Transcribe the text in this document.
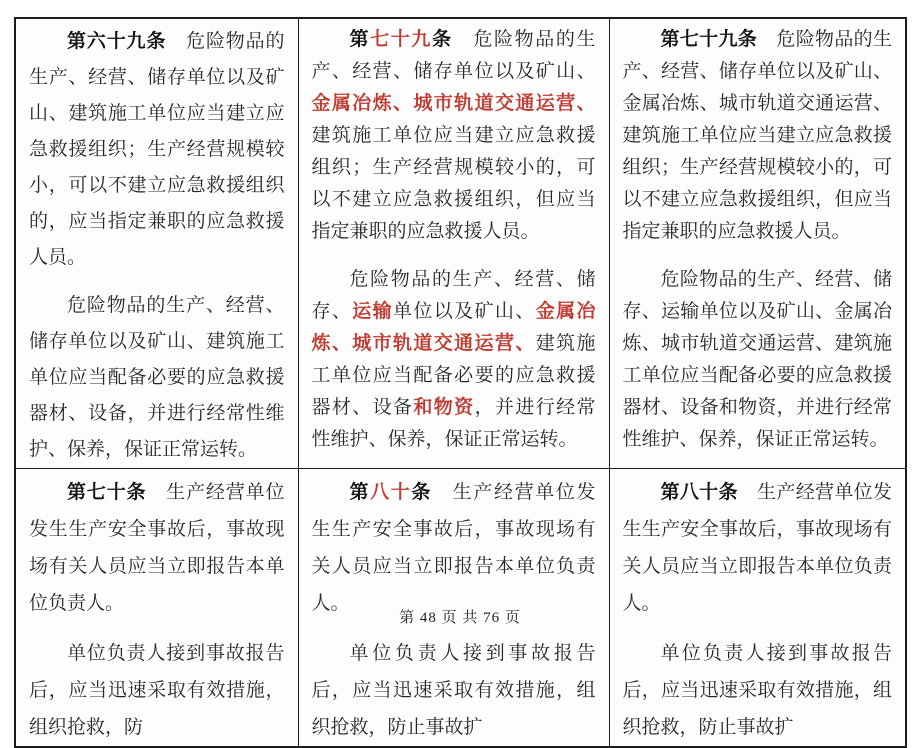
第六十九条　危险物品的生产、经营、储存单位以及矿山、建筑施工单位应当建立应急救援组织；生产经营规模较小，可以不建立应急救援组织的，应当指定兼职的应急救援人员。

危险物品的生产、经营、储存单位以及矿山、建筑施工单位应当配备必要的应急救援器材、设备，并进行经常性维护、保养，保证正常运转。

第七十九条　危险物品的生产、经营、储存单位以及矿山、金属冶炼、城市轨道交通运营、建筑施工单位应当建立应急救援组织；生产经营规模较小的，可以不建立应急救援组织，但应当指定兼职的应急救援人员。

危险物品的生产、经营、储存、运输单位以及矿山、金属冶炼、城市轨道交通运营、建筑施工单位应当配备必要的应急救援器材、设备和物资，并进行经常性维护、保养，保证正常运转。

第七十九条　危险物品的生产、经营、储存单位以及矿山、金属冶炼、城市轨道交通运营、建筑施工单位应当建立应急救援组织；生产经营规模较小的，可以不建立应急救援组织，但应当指定兼职的应急救援人员。

危险物品的生产、经营、储存、运输单位以及矿山、金属冶炼、城市轨道交通运营、建筑施工单位应当配备必要的应急救援器材、设备和物资，并进行经常性维护、保养，保证正常运转。

第七十条　生产经营单位发生生产安全事故后，事故现场有关人员应当立即报告本单位负责人。

单位负责人接到事故报告后，应当迅速采取有效措施，组织抢救，防

第八十条　生产经营单位发生生产安全事故后，事故现场有关人员应当立即报告本单位负责人。

单位负责人接到事故报告后，应当迅速采取有效措施，组织抢救，防止事故扩

第八十条　生产经营单位发生生产安全事故后，事故现场有关人员应当立即报告本单位负责人。

单位负责人接到事故报告后，应当迅速采取有效措施，组织抢救，防止事故扩

第 48 页 共 76 页
